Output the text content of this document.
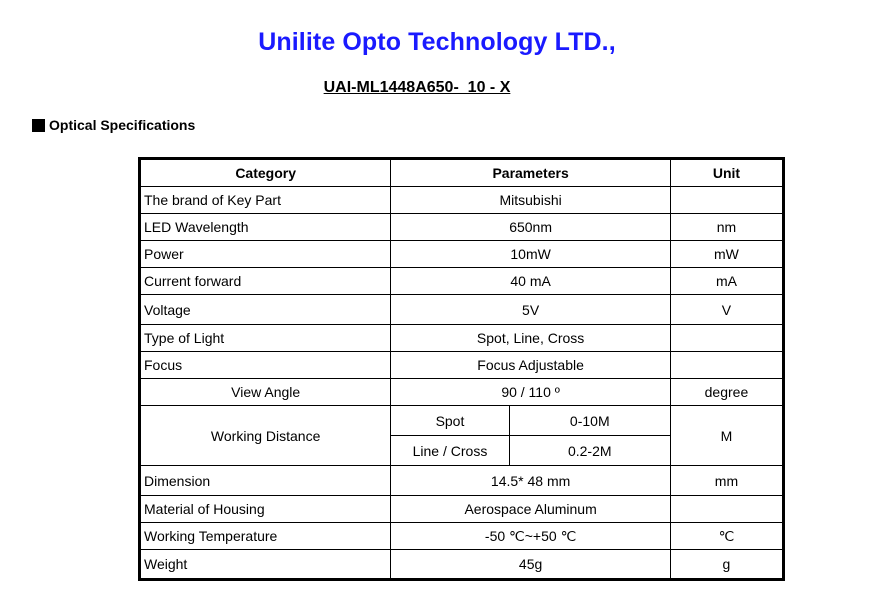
Unilite Opto Technology LTD.,
UAI-ML1448A650-  10 - X
Optical Specifications
Category	Parameters		Unit
The brand of Key Part	Mitsubishi		
LED Wavelength	650nm		nm
Power	10mW		mW
Current forward	40 mA		mA
Voltage	5V		V
Type of Light	Spot, Line, Cross		
Focus	Focus Adjustable		
View Angle	90 / 110 º		degree
Working Distance	Spot	0-10M	M
	Line / Cross	0.2-2M	
Dimension	14.5* 48 mm		mm
Material of Housing	Aerospace Aluminum		
Working Temperature	-50 ℃~+50 ℃		℃
Weight	45g		g
